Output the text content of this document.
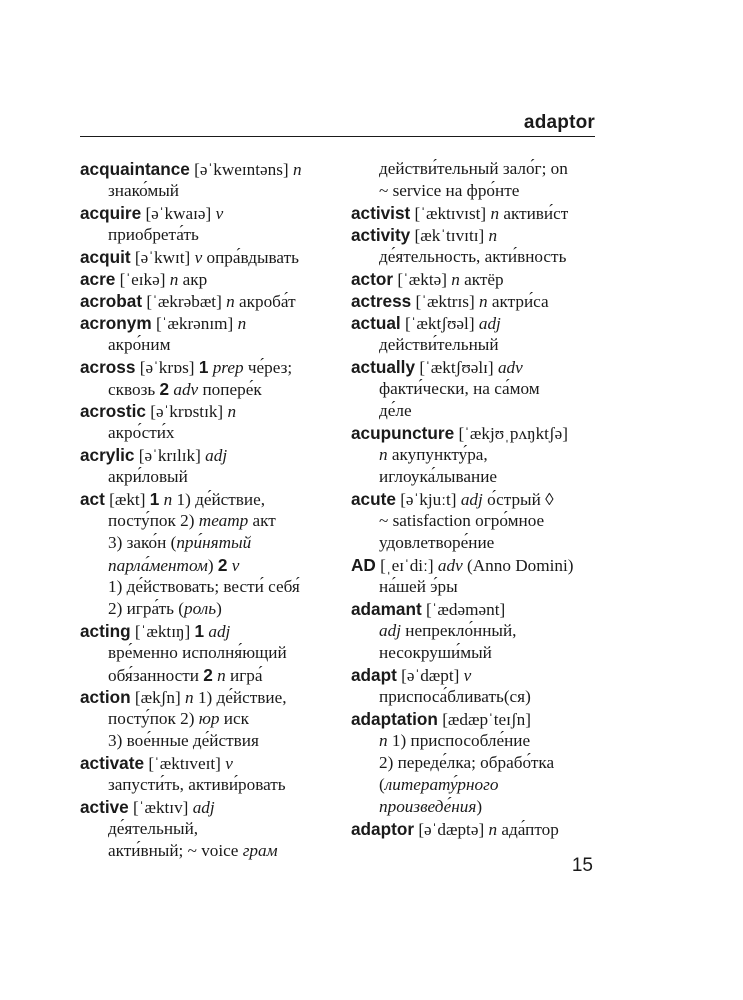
adaptor
acquaintance [əˈkweɪntəns] n
знако́мый
acquire [əˈkwaɪə] v
приобрета́ть
acquit [əˈkwɪt] v опра́вдывать
acre [ˈeɪkə] n акр
acrobat [ˈækrəbæt] n акроба́т
acronym [ˈækrənɪm] n
акро́ним
across [əˈkrɒs] 1 prep че́рез;
сквозь 2 adv попере́к
acrostic [əˈkrɒstɪk] n
акро́сти́х
acrylic [əˈkrɪlɪk] adj
акри́ловый
act [ækt] 1 n 1) де́йствие,
посту́пок 2) театр акт
3) зако́н (при́нятый
парла́ментом) 2 v
1) де́йствовать; вести́ себя́
2) игра́ть (роль)
acting [ˈæktɪŋ] 1 adj
вре́менно исполня́ющий
обя́занности 2 n игра́
action [ækʃn] n 1) де́йствие,
посту́пок 2) юр иск
3) вое́нные де́йствия
activate [ˈæktɪveɪt] v
запусти́ть, активи́ровать
active [ˈæktɪv] adj
де́ятельный,
акти́вный; ~ voice грам
действи́тельный зало́г; on
~ service на фро́нте
activist [ˈæktɪvɪst] n активи́ст
activity [ækˈtɪvɪtɪ] n
де́ятельность, акти́вность
actor [ˈæktə] n актёр
actress [ˈæktrɪs] n актри́са
actual [ˈæktʃʊəl] adj
действи́тельный
actually [ˈæktʃʊəlɪ] adv
факти́чески, на са́мом
де́ле
acupuncture [ˈækjʊˌpʌŋktʃə]
n акупункту́ра,
иглоука́лывание
acute [əˈkjuːt] adj о́стрый ◊
~ satisfaction огро́мное
удовлетворе́ние
AD [ˌeɪˈdiː] adv (Anno Domini)
на́шей э́ры
adamant [ˈædəmənt]
adj непрекло́нный,
несокруши́мый
adapt [əˈdæpt] v
приспоса́бливать(ся)
adaptation [ædæpˈteɪʃn]
n 1) приспособле́ние
2) переде́лка; обрабо́тка
(литерату́рного
произведе́ния)
adaptor [əˈdæptə] n ада́птор
15
